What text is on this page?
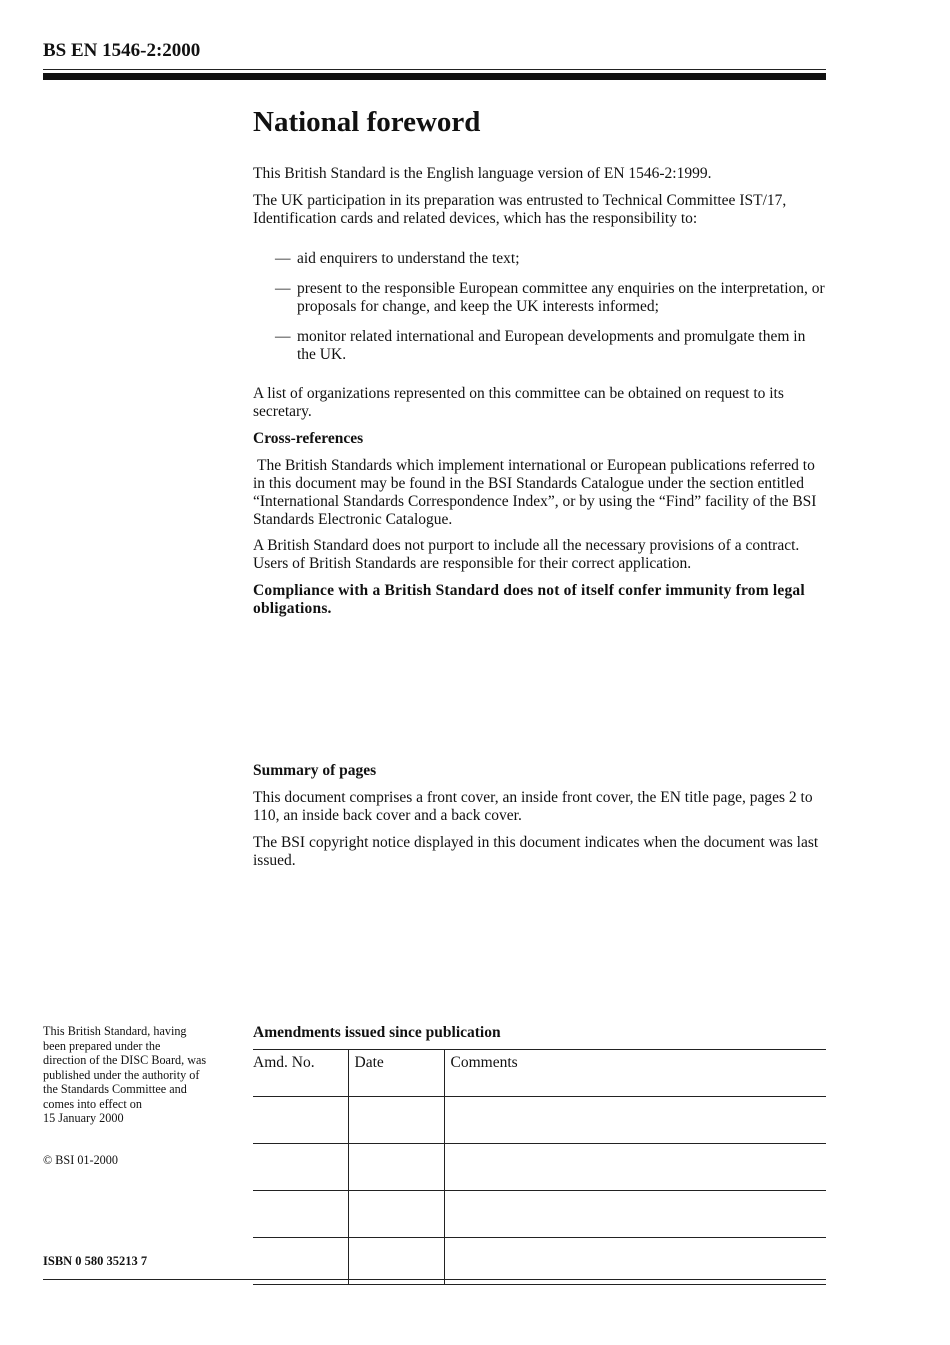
BS EN 1546-2:2000
National foreword

This British Standard is the English language version of EN 1546-2:1999.

The UK participation in its preparation was entrusted to Technical Committee IST/17, Identification cards and related devices, which has the responsibility to:

— aid enquirers to understand the text;
— present to the responsible European committee any enquiries on the interpretation, or proposals for change, and keep the UK interests informed;
— monitor related international and European developments and promulgate them in the UK.

A list of organizations represented on this committee can be obtained on request to its secretary.

Cross-references

The British Standards which implement international or European publications referred to in this document may be found in the BSI Standards Catalogue under the section entitled “International Standards Correspondence Index”, or by using the “Find” facility of the BSI Standards Electronic Catalogue.

A British Standard does not purport to include all the necessary provisions of a contract. Users of British Standards are responsible for their correct application.

Compliance with a British Standard does not of itself confer immunity from legal obligations.

Summary of pages

This document comprises a front cover, an inside front cover, the EN title page, pages 2 to 110, an inside back cover and a back cover.

The BSI copyright notice displayed in this document indicates when the document was last issued.

This British Standard, having
been prepared under the
direction of the DISC Board, was
published under the authority of
the Standards Committee and
comes into effect on
15 January 2000
© BSI 01-2000
ISBN 0 580 35213 7
Amendments issued since publication
Amd. No.	Date	Comments
